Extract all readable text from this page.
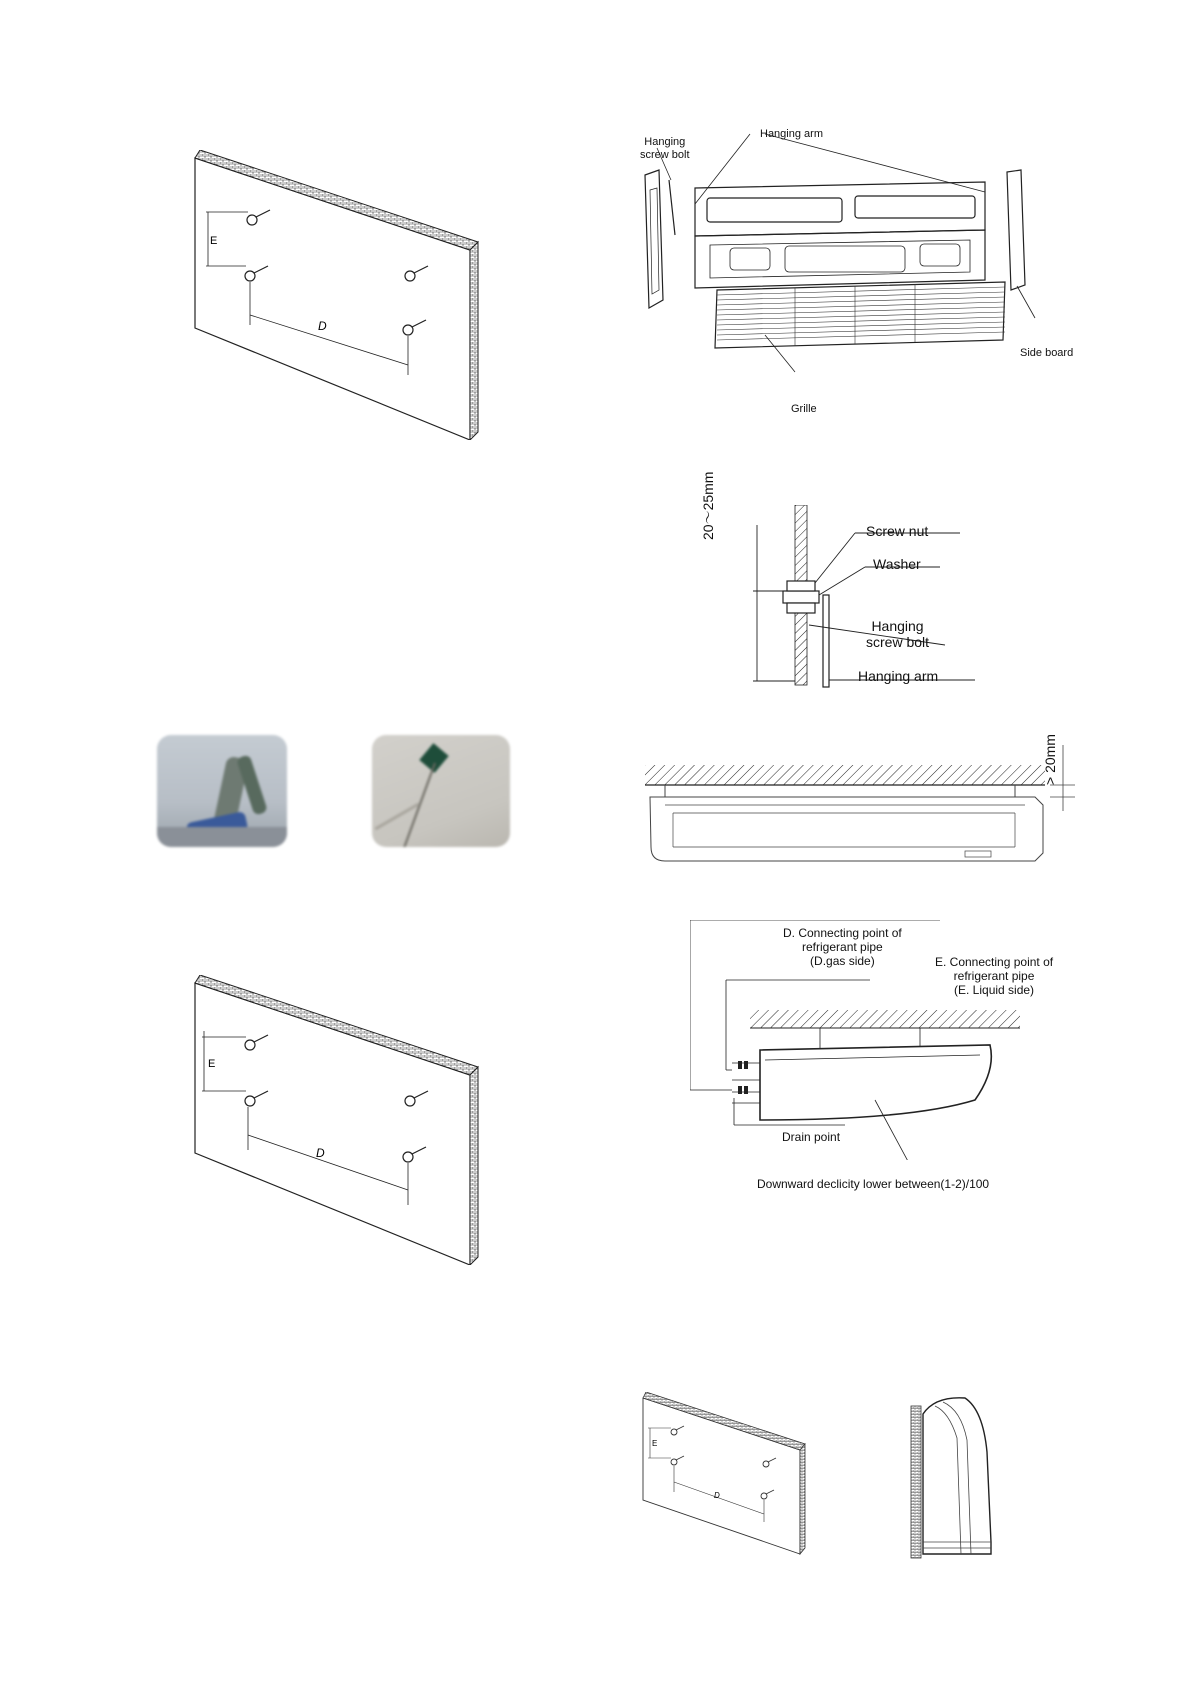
E
D
Hanging
screw bolt
Hanging arm
Side board
Grille
20～25mm	Screw nut
Washer
Hanging
screw bolt
Hanging arm
> 20mm
D. Connecting point of
refrigerant pipe
(D.gas side)	E. Connecting point of
refrigerant pipe
(E. Liquid side)
Drain point
Downward declicity lower between(1-2)/100
E
D
E
D
